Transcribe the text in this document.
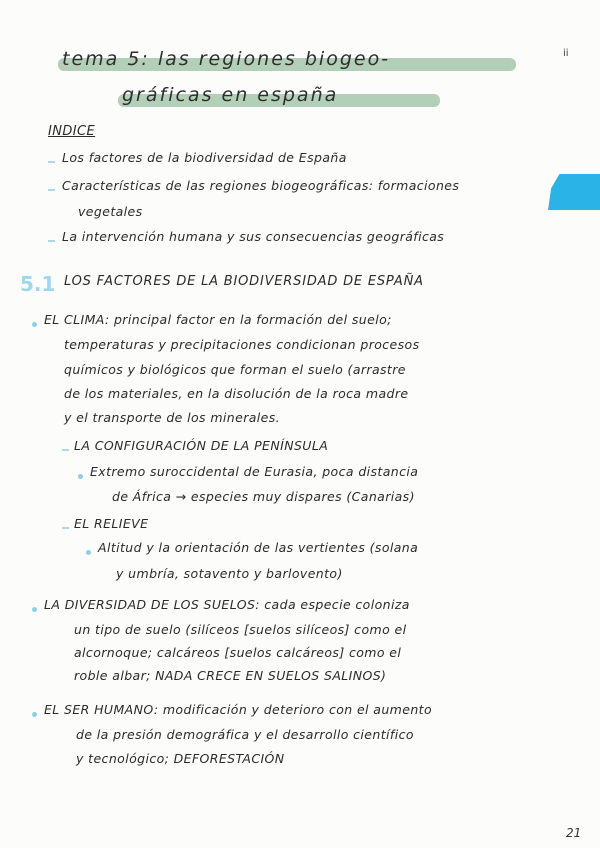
ii
tema 5: las regiones biogeo-
gráficas en españa
INDICE
Los factores de la biodiversidad de España
Características de las regiones biogeográficas: formaciones
vegetales
La intervención humana y sus consecuencias geográficas
5.1 LOS FACTORES DE LA BIODIVERSIDAD DE ESPAÑA
EL CLIMA: principal factor en la formación del suelo;
temperaturas y precipitaciones condicionan procesos
químicos y biológicos que forman el suelo (arrastre
de los materiales, en la disolución de la roca madre
y el transporte de los minerales.
LA CONFIGURACIÓN DE LA PENÍNSULA
Extremo suroccidental de Eurasia, poca distancia
de África → especies muy dispares (Canarias)
EL RELIEVE
Altitud y la orientación de las vertientes (solana
y umbría, sotavento y barlovento)
LA DIVERSIDAD DE LOS SUELOS: cada especie coloniza
un tipo de suelo (silíceos [suelos silíceos] como el
alcornoque; calcáreos [suelos calcáreos] como el
roble albar; NADA CRECE EN SUELOS SALINOS)
EL SER HUMANO: modificación y deterioro con el aumento
de la presión demográfica y el desarrollo científico
y tecnológico; DEFORESTACIÓN
21
